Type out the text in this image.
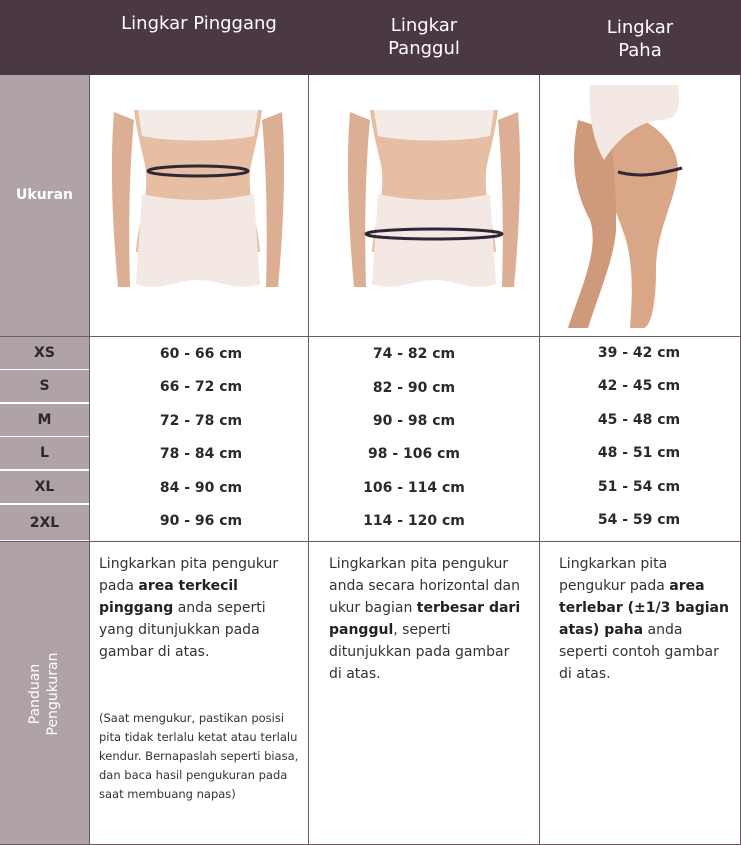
Lingkar Pinggang	Lingkar
Panggul
Lingkar
Paha
Ukuran
XS
S
M
L
XL
2XL
60 - 66 cm
66 - 72 cm
72 - 78 cm
78 - 84 cm
84 - 90 cm
90 - 96 cm
74 - 82 cm
82 - 90 cm
90 - 98 cm
98 - 106 cm
106 - 114 cm
114 - 120 cm
39 - 42 cm
42 - 45 cm
45 - 48 cm
48 - 51 cm
51 - 54 cm
54 - 59 cm
Panduan Pengukuran
Lingkarkan pita pengukur pada area terkecil pinggang anda seperti yang ditunjukkan pada gambar di atas.
(Saat mengukur, pastikan posisi pita tidak terlalu ketat atau terlalu kendur. Bernapaslah seperti biasa, dan baca hasil pengukuran pada saat membuang napas)
Lingkarkan pita pengukur anda secara horizontal dan ukur bagian terbesar dari panggul, seperti ditunjukkan pada gambar di atas.
Lingkarkan pita pengukur pada area terlebar (±1/3 bagian atas) paha anda seperti contoh gambar di atas.
